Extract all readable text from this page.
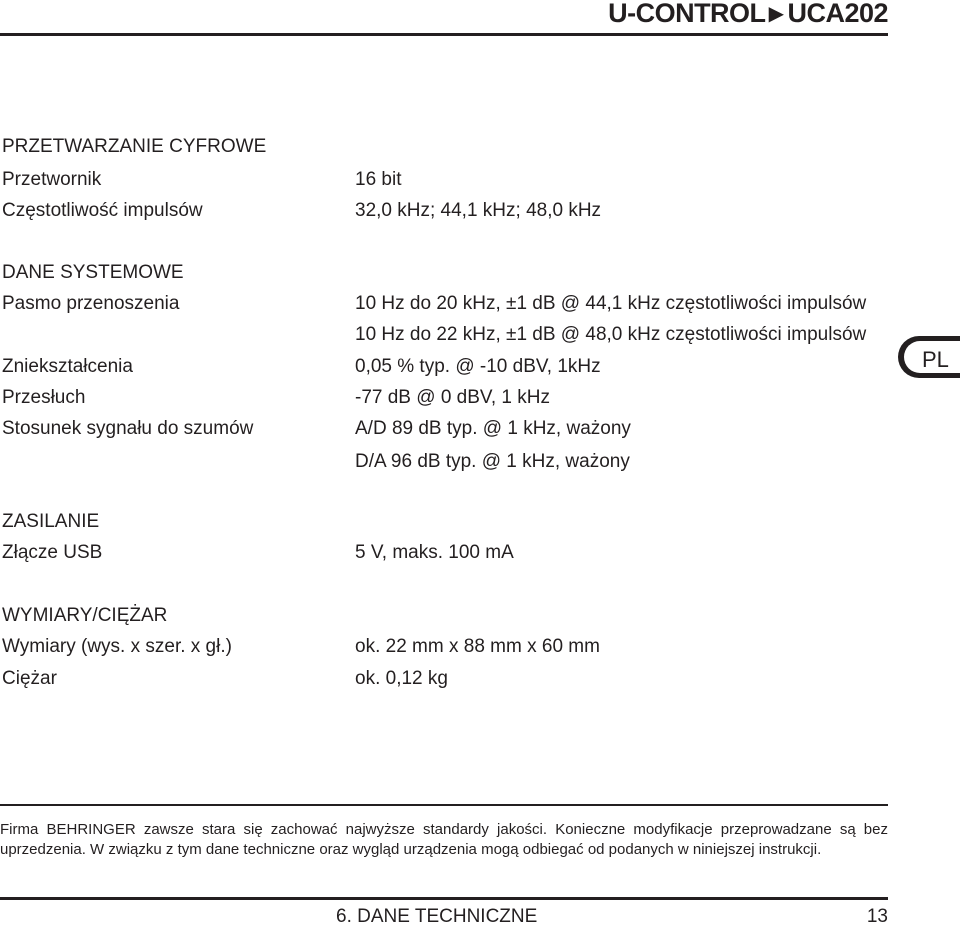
U-CONTROL ▶ UCA202
PRZETWARZANIE CYFROWE
Przetwornik	16 bit
Częstotliwość impulsów	32,0 kHz; 44,1 kHz; 48,0 kHz
DANE SYSTEMOWE
Pasmo przenoszenia	10 Hz do 20 kHz, ±1 dB @ 44,1 kHz częstotliwości impulsów
10 Hz do 22 kHz, ±1 dB @ 48,0 kHz częstotliwości impulsów
Zniekształcenia	0,05 % typ. @ -10 dBV, 1kHz
Przesłuch	-77 dB @ 0 dBV, 1 kHz
Stosunek sygnału do szumów	A/D 89 dB typ. @ 1 kHz, ważony
D/A 96 dB typ. @ 1 kHz, ważony
ZASILANIE
Złącze USB	5 V, maks. 100 mA
WYMIARY/CIĘŻAR
Wymiary (wys. x szer. x gł.)	ok. 22 mm x 88 mm x 60 mm
Ciężar	ok. 0,12 kg
PL
Firma BEHRINGER zawsze stara się zachować najwyższe standardy jakości. Konieczne modyfikacje przeprowadzane są bez uprzedzenia. W związku z tym dane techniczne oraz wygląd urządzenia mogą odbiegać od podanych w niniejszej instrukcji.
6. DANE TECHNICZNE	13
